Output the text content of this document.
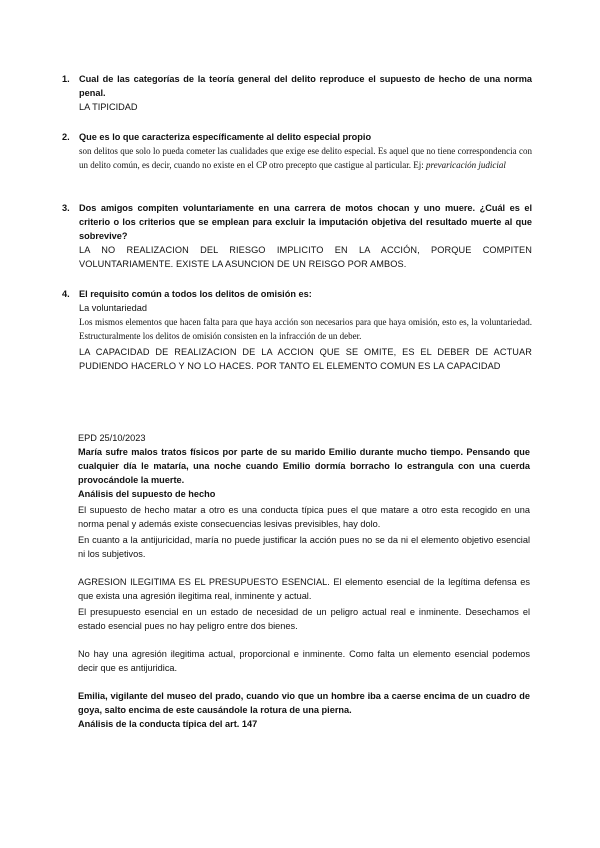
1. Cual de las categorías de la teoría general del delito reproduce el supuesto de hecho de una norma penal.
LA TIPICIDAD
2. Que es lo que caracteriza específicamente al delito especial propio
son delitos que solo lo pueda cometer las cualidades que exige ese delito especial. Es aquel que no tiene correspondencia con un delito común, es decir, cuando no existe en el CP otro precepto que castigue al particular. Ej: prevaricación judicial
3. Dos amigos compiten voluntariamente en una carrera de motos chocan y uno muere. ¿Cuál es el criterio o los criterios que se emplean para excluir la imputación objetiva del resultado muerte al que sobrevive?
LA NO REALIZACION DEL RIESGO IMPLICITO EN LA ACCIÓN, PORQUE COMPITEN VOLUNTARIAMENTE. EXISTE LA ASUNCION DE UN REISGO POR AMBOS.
4. El requisito común a todos los delitos de omisión es:
La voluntariedad
Los mismos elementos que hacen falta para que haya acción son necesarios para que haya omisión, esto es, la voluntariedad. Estructuralmente los delitos de omisión consisten en la infracción de un deber.
LA CAPACIDAD DE REALIZACION DE LA ACCION QUE SE OMITE, ES EL DEBER DE ACTUAR PUDIENDO HACERLO Y NO LO HACES. POR TANTO EL ELEMENTO COMUN ES LA CAPACIDAD
EPD 25/10/2023
María sufre malos tratos físicos por parte de su marido Emilio durante mucho tiempo. Pensando que cualquier día le mataría, una noche cuando Emilio dormía borracho lo estrangula con una cuerda provocándole la muerte.
Análisis del supuesto de hecho
El supuesto de hecho matar a otro es una conducta típica pues el que matare a otro esta recogido en una norma penal y además existe consecuencias lesivas previsibles, hay dolo.
En cuanto a la antijuricidad, maría no puede justificar la acción pues no se da ni el elemento objetivo esencial ni los subjetivos.
AGRESION ILEGITIMA ES EL PRESUPUESTO ESENCIAL. El elemento esencial de la legítima defensa es que exista una agresión ilegitima real, inminente y actual.
El presupuesto esencial en un estado de necesidad de un peligro actual real e inminente. Desechamos el estado esencial pues no hay peligro entre dos bienes.
No hay una agresión ilegitima actual, proporcional e inminente. Como falta un elemento esencial podemos decir que es antijuridica.
Emilia, vigilante del museo del prado, cuando vio que un hombre iba a caerse encima de un cuadro de goya, salto encima de este causándole la rotura de una pierna.
Análisis de la conducta típica del art. 147
